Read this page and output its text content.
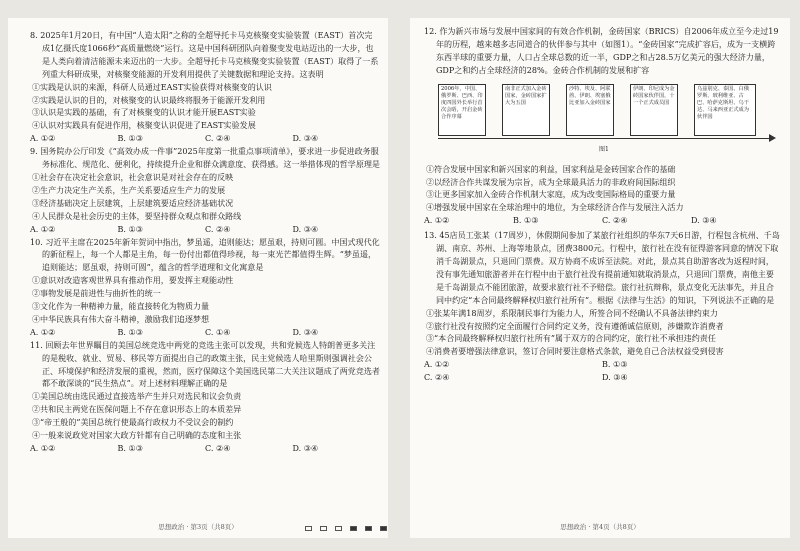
8. 2025年1月20日，有中国“人造太阳”之称的全超导托卡马克核聚变实验装置（EAST）首次完成1亿摄氏度1066秒“高质量燃烧”运行。这是中国科研团队向着聚变发电站迈出的一大步，也是人类向着清洁能源未来迈出的一大步。全超导托卡马克核聚变实验装置（EAST）取得了一系列重大科研成果，对核聚变能源的开发利用提供了关键数据和理论支持。这表明
①实践是认识的来源，科研人员通过EAST实验获得对核聚变的认识
②实践是认识的目的，对核聚变的认识最终将服务于能源开发利用
③认识是实践的基础，有了对核聚变的认识才能开展EAST实验
④认识对实践具有促进作用，核聚变认识促进了EAST实验发展
A. ①②	B. ①③	C. ②④	D. ③④
9. 国务院办公厅印发《“高效办成一件事”2025年度第一批重点事项清单》，要求进一步促进政务服务标准化、规范化、便利化，持续提升企业和群众满意度、获得感。这一举措体现的哲学原理是
①社会存在决定社会意识，社会意识是对社会存在的反映
②生产力决定生产关系，生产关系要适应生产力的发展
③经济基础决定上层建筑，上层建筑要适应经济基础状况
④人民群众是社会历史的主体，要坚持群众观点和群众路线
A. ①②	B. ①③	C. ②④	D. ③④
10. 习近平主席在2025年新年贺词中指出，梦虽遥，追则能达；愿虽艰，持则可圆。中国式现代化的新征程上，每一个人都是主角，每一份付出都值得珍视，每一束光芒都值得生辉。“梦虽遥，追则能达；愿虽艰，持则可圆”，蕴含的哲学道理和文化寓意是
①意识对改造客观世界具有推动作用，要发挥主观能动性
②事物发展是前进性与曲折性的统一
③文化作为一种精神力量，能直接转化为物质力量
④中华民族具有伟大奋斗精神，激励我们追逐梦想
A. ①②	B. ①③	C. ①④	D. ③④
11. 回顾去年世界瞩目的美国总统竞选中两党的竞选主张可以发现，共和党候选人特朗普更多关注的是税收、就业、贸易、移民等方面提出自己的政策主张，民主党候选人哈里斯则强调社会公正、环境保护和经济发展的重视，然而，医疗保障这个美国选民第二大关注议题成了两党竞选者都不敢深谈的“民生热点”。对上述材料理解正确的是
①美国总统由选民通过直接选举产生并只对选民和议会负责
②共和民主两党在医保问题上不存在意识形态上的本质差异
③“帝王般的”美国总统行使最高行政权力不受议会的制约
④一般来说政党对国家大政方针都有自己明确的态度和主张
A. ①②	B. ①③	C. ②④	D. ③④
思想政治 · 第3页（共8页）
12. 作为新兴市场与发展中国家间的有效合作机制，金砖国家（BRICS）自2006年成立至今走过19年的历程，越来越多志同道合的伙伴参与其中（如图1）。“金砖国家”完成扩容后，成为一支横跨东西半球的重要力量，人口占全球总数的近一半，GDP之和占28.5万亿美元的强大经济力量，GDP之和约占全球经济的28%。金砖合作机制的发展和扩容
2006年，中国、俄罗斯、巴西、印度四国外长举行首次会晤，开启金砖合作序幕
南非正式加入金砖国家，金砖国家扩大为五国
沙特、埃及、阿联酋、伊朗、埃塞俄比亚加入金砖国家
伊朗、印尼成为金砖国家伙伴国，十一个正式成员国
乌兹别克、泰国、白俄罗斯、玻利维亚、古巴、哈萨克斯坦、乌干达、马来西亚正式成为伙伴国
图1
①符合发展中国家和新兴国家的利益，国家利益是金砖国家合作的基础
②以经济合作共谋发展为宗旨，成为全球最具活力的非政府间国际组织
③让更多国家加入金砖合作机制大家庭，成为改变国际格局的重要力量
④增强发展中国家在全球治理中的地位，为全球经济合作与发展注入活力
A. ①②	B. ①③	C. ②④	D. ③④
13. 45店员工张某（17周岁），休假期间参加了某旅行社组织的华东7天6日游，行程包含杭州、千岛湖、南京、苏州、上海等地景点，团费3800元。行程中，旅行社在没有征得游客同意的情况下取消千岛湖景点，只退回门票费。双方协商不成诉至法院。对此，景点其自助游客改为返程时间，没有事先通知旅游者并在行程中由于旅行社没有提前通知就取消景点，只退回门票费，南他主要是千岛湖景点不能团旅游，故要求旅行社不予赔偿。旅行社抗辩称，景点变化无法事先，并且合同中约定“本合同最终解释权归旅行社所有”。根据《法律与生活》的知识，下列说法不正确的是
①张某年满18周岁，系限制民事行为能力人，所签合同不经确认不具备法律约束力
②旅行社没有按照约定全面履行合同约定义务，没有遵循诚信原则，涉嫌欺诈消费者
③“本合同最终解释权归旅行社所有”属于双方的合同约定，旅行社不承担违约责任
④消费者要增强法律意识，签订合同时要注意格式条款，避免自己合法权益受到侵害
A. ①②	B. ①③
C. ②④	D. ③④
思想政治 · 第4页（共8页）
